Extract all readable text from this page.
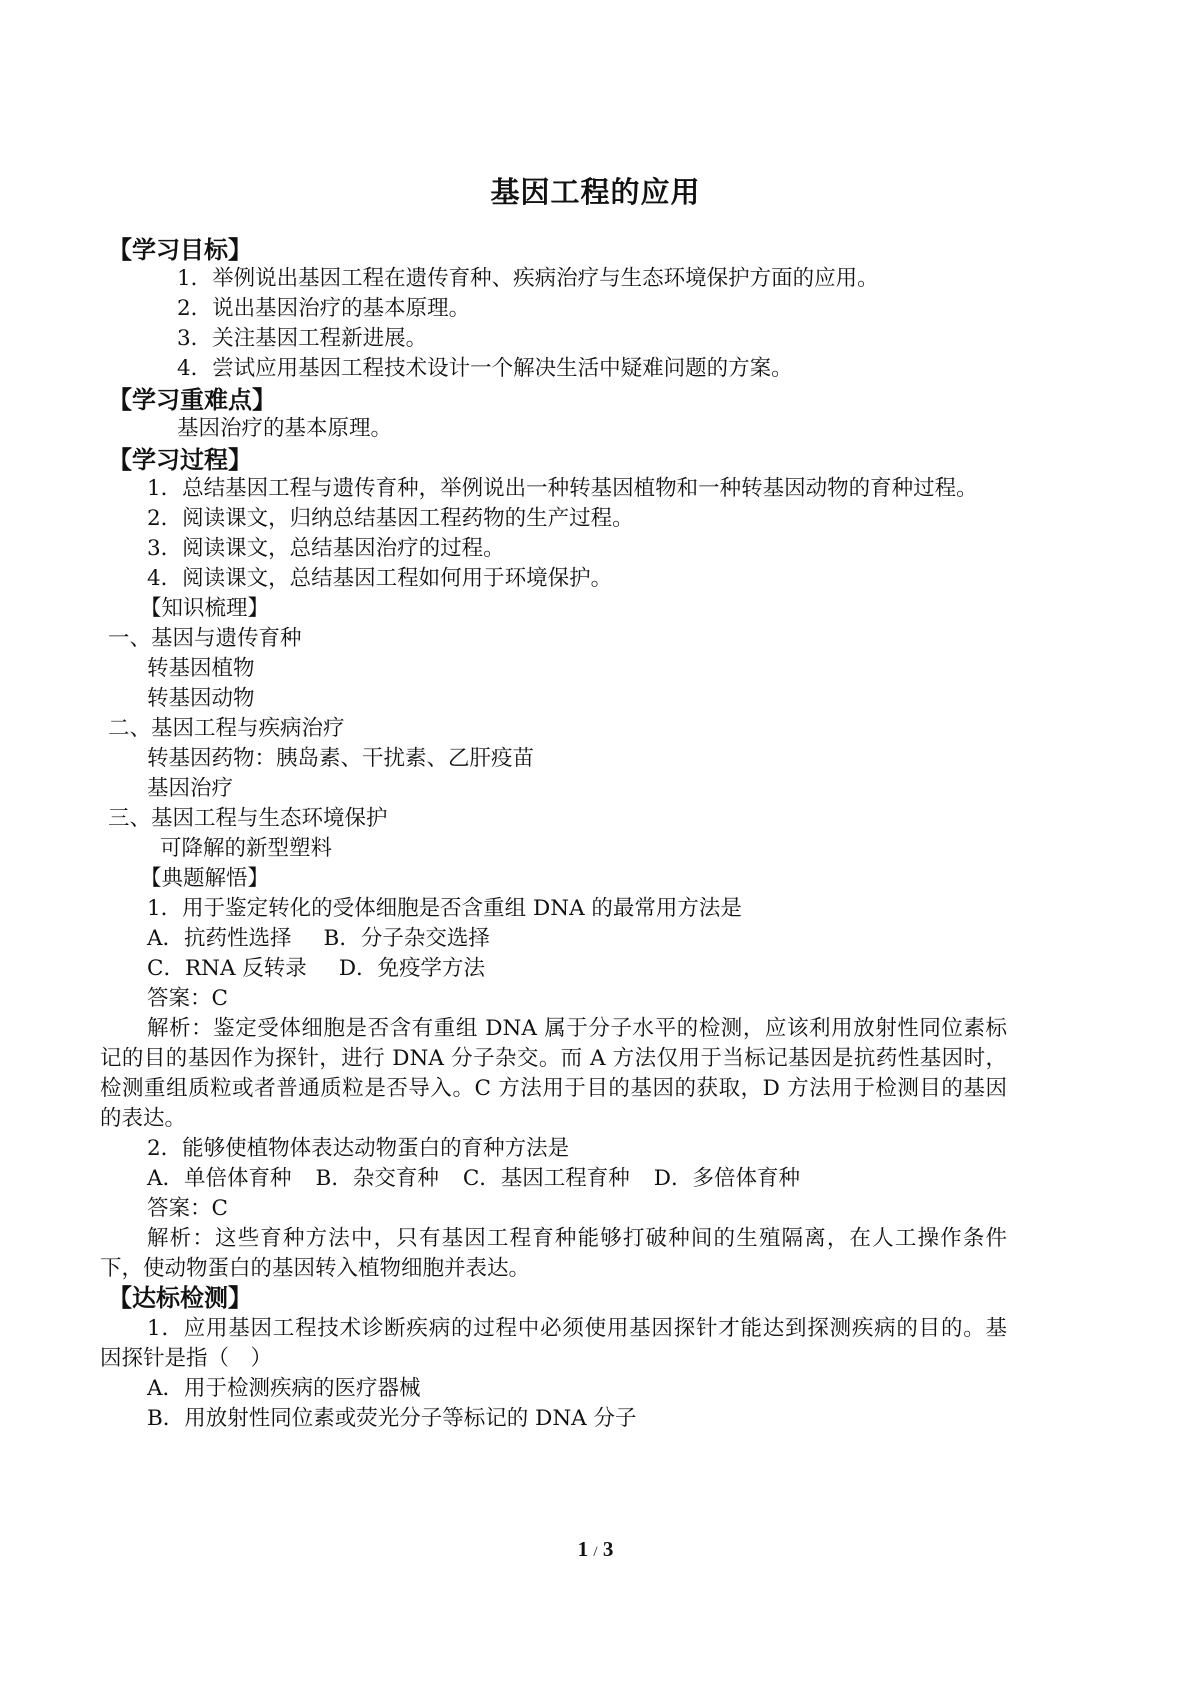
基因工程的应用
【学习目标】
1．举例说出基因工程在遗传育种、疾病治疗与生态环境保护方面的应用。
2．说出基因治疗的基本原理。
3．关注基因工程新进展。
4．尝试应用基因工程技术设计一个解决生活中疑难问题的方案。
【学习重难点】
基因治疗的基本原理。
【学习过程】
1．总结基因工程与遗传育种，举例说出一种转基因植物和一种转基因动物的育种过程。
2．阅读课文，归纳总结基因工程药物的生产过程。
3．阅读课文，总结基因治疗的过程。
4．阅读课文，总结基因工程如何用于环境保护。
【知识梳理】
一、基因与遗传育种
转基因植物
转基因动物
二、基因工程与疾病治疗
转基因药物：胰岛素、干扰素、乙肝疫苗
基因治疗
三、基因工程与生态环境保护
可降解的新型塑料
【典题解悟】
1．用于鉴定转化的受体细胞是否含重组 DNA 的最常用方法是
A．抗药性选择 B．分子杂交选择
C．RNA 反转录 D．免疫学方法
答案：C
解析：鉴定受体细胞是否含有重组 DNA 属于分子水平的检测，应该利用放射性同位素标
记的目的基因作为探针，进行 DNA 分子杂交。而 A 方法仅用于当标记基因是抗药性基因时，
检测重组质粒或者普通质粒是否导入。C 方法用于目的基因的获取，D 方法用于检测目的基因
的表达。
2．能够使植物体表达动物蛋白的育种方法是
A．单倍体育种 B．杂交育种 C．基因工程育种 D．多倍体育种
答案：C
解析：这些育种方法中，只有基因工程育种能够打破种间的生殖隔离，在人工操作条件
下，使动物蛋白的基因转入植物细胞并表达。
【达标检测】
1．应用基因工程技术诊断疾病的过程中必须使用基因探针才能达到探测疾病的目的。基
因探针是指（　）
A．用于检测疾病的医疗器械
B．用放射性同位素或荧光分子等标记的 DNA 分子
1 / 3
